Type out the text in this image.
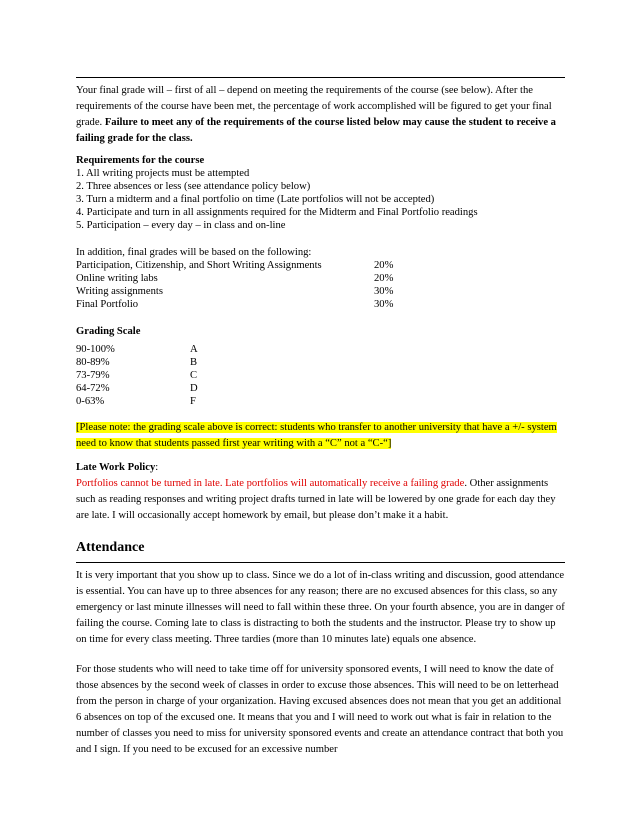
Your final grade will – first of all – depend on meeting the requirements of the course (see below). After the requirements of the course have been met, the percentage of work accomplished will be figured to get your final grade. Failure to meet any of the requirements of the course listed below may cause the student to receive a failing grade for the class.

Requirements for the course
1. All writing projects must be attempted
2. Three absences or less (see attendance policy below)
3. Turn a midterm and a final portfolio on time (Late portfolios will not be accepted)
4. Participate and turn in all assignments required for the Midterm and Final Portfolio readings
5. Participation – every day – in class and on-line
In addition, final grades will be based on the following:
Participation, Citizenship, and Short Writing Assignments	20%
Online writing labs	20%
Writing assignments	30%
Final Portfolio	30%
Grading Scale
90-100%	A
80-89%	B
73-79%	C
64-72%	D
0-63%	F

[Please note: the grading scale above is correct: students who transfer to another university that have a +/- system need to know that students passed first year writing with a “C” not a “C-“]

Late Work Policy:
Portfolios cannot be turned in late. Late portfolios will automatically receive a failing grade. Other assignments such as reading responses and writing project drafts turned in late will be lowered by one grade for each day they are late. I will occasionally accept homework by email, but please don’t make it a habit.

Attendance

It is very important that you show up to class. Since we do a lot of in-class writing and discussion, good attendance is essential. You can have up to three absences for any reason; there are no excused absences for this class, so any emergency or last minute illnesses will need to fall within these three. On your fourth absence, you are in danger of failing the course. Coming late to class is distracting to both the students and the instructor. Please try to show up on time for every class meeting. Three tardies (more than 10 minutes late) equals one absence.

For those students who will need to take time off for university sponsored events, I will need to know the date of those absences by the second week of classes in order to excuse those absences. This will need to be on letterhead from the person in charge of your organization. Having excused absences does not mean that you get an additional 6 absences on top of the excused one. It means that you and I will need to work out what is fair in relation to the number of classes you need to miss for university sponsored events and create an attendance contract that both you and I sign. If you need to be excused for an excessive number
